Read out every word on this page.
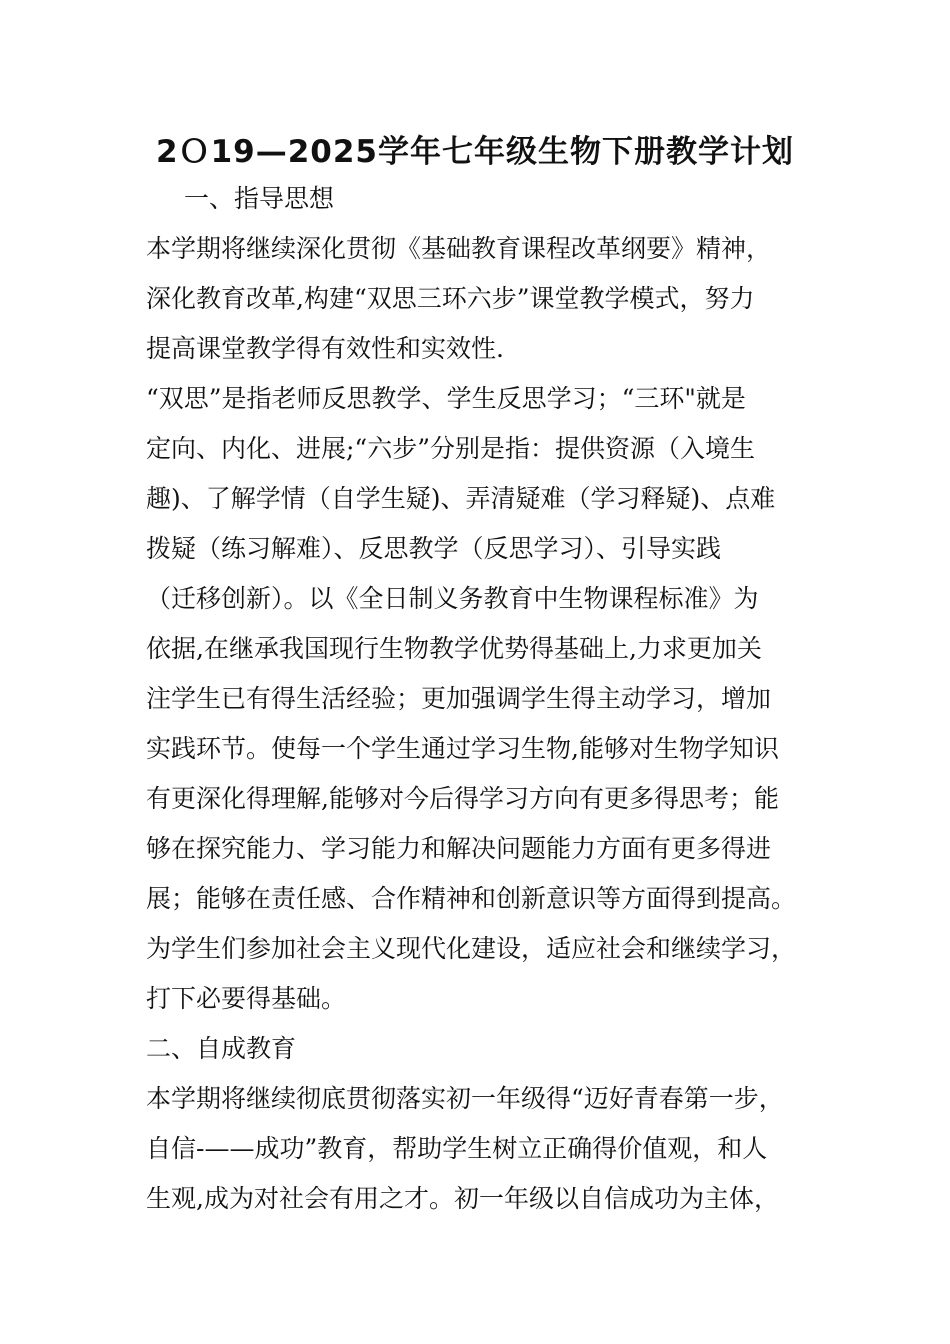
2Ｏ19—2025学年七年级生物下册教学计划
一、指导思想
本学期将继续深化贯彻《基础教育课程改革纲要》精神，
深化教育改革,构建“双思三环六步”课堂教学模式，努力
提高课堂教学得有效性和实效性.
“双思”是指老师反思教学、学生反思学习；“三环"就是
定向、内化、进展;“六步”分别是指：提供资源（入境生
趣)、了解学情（自学生疑)、弄清疑难（学习释疑)、点难
拨疑（练习解难）、反思教学（反思学习）、引导实践
（迁移创新）。以《全日制义务教育中生物课程标准》为
依据,在继承我国现行生物教学优势得基础上,力求更加关
注学生已有得生活经验；更加强调学生得主动学习，增加
实践环节。使每一个学生通过学习生物,能够对生物学知识
有更深化得理解,能够对今后得学习方向有更多得思考；能
够在探究能力、学习能力和解决问题能力方面有更多得进
展；能够在责任感、合作精神和创新意识等方面得到提高。
为学生们参加社会主义现代化建设，适应社会和继续学习，
打下必要得基础。
二、自成教育
本学期将继续彻底贯彻落实初一年级得“迈好青春第一步，
自信-——成功”教育，帮助学生树立正确得价值观，和人
生观,成为对社会有用之才。初一年级以自信成功为主体，
